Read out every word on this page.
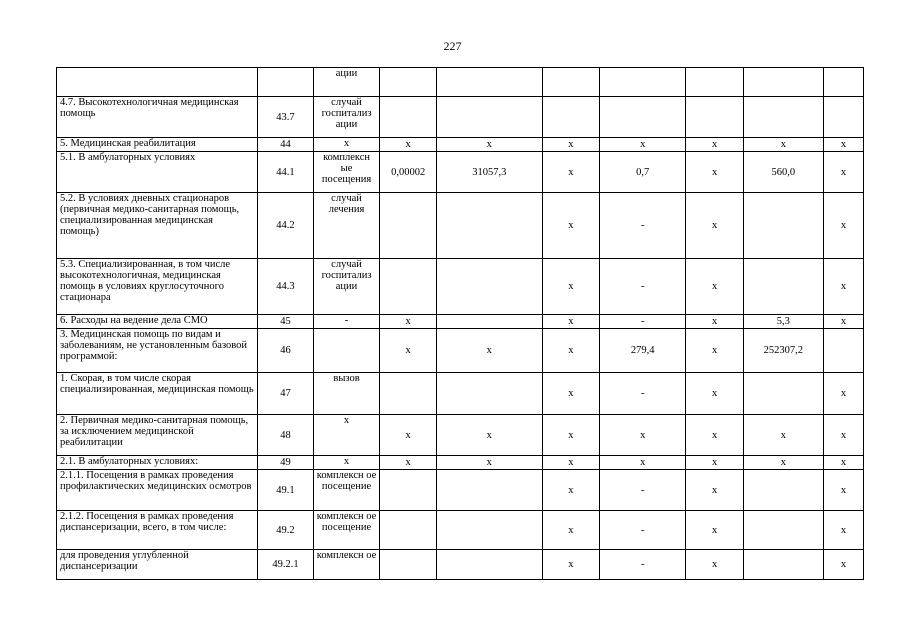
227
		ации							
4.7. Высокотехнологичная медицинская помощь	43.7	случай госпитализ ации							
5. Медицинская реабилитация	44	х	х	х	х	х	х	х	х
5.1. В амбулаторных условиях	44.1	комплексн ые посещения	0,00002	31057,3	х	0,7	х	560,0	х
5.2. В условиях дневных стационаров (первичная медико-санитарная помощь, специализированная медицинская помощь)	44.2	случай лечения			х	-	х		х
5.3. Специализированная, в том числе высокотехнологичная, медицинская помощь в условиях круглосуточного стационара	44.3	случай госпитализ ации			х	-	х		х
6. Расходы на ведение дела СМО	45	-	х		х	-	х	5,3	х
3. Медицинская помощь по видам и заболеваниям, не установленным базовой программой:	46		х	х	х	279,4	х	252307,2	
1. Скорая, в том числе скорая специализированная, медицинская помощь	47	вызов			х	-	х		х
2. Первичная медико-санитарная помощь, за исключением медицинской реабилитации	48	х	х	х	х	х	х	х	х
2.1. В амбулаторных условиях:	49	х	х	х	х	х	х	х	х
2.1.1. Посещения в рамках проведения профилактических медицинских осмотров	49.1	комплексн ое посещение			х	-	х		х
2.1.2. Посещения в рамках проведения диспансеризации, всего, в том числе:	49.2	комплексн ое посещение			х	-	х		х
для проведения углубленной диспансеризации	49.2.1	комплексн ое			х	-	х		х
